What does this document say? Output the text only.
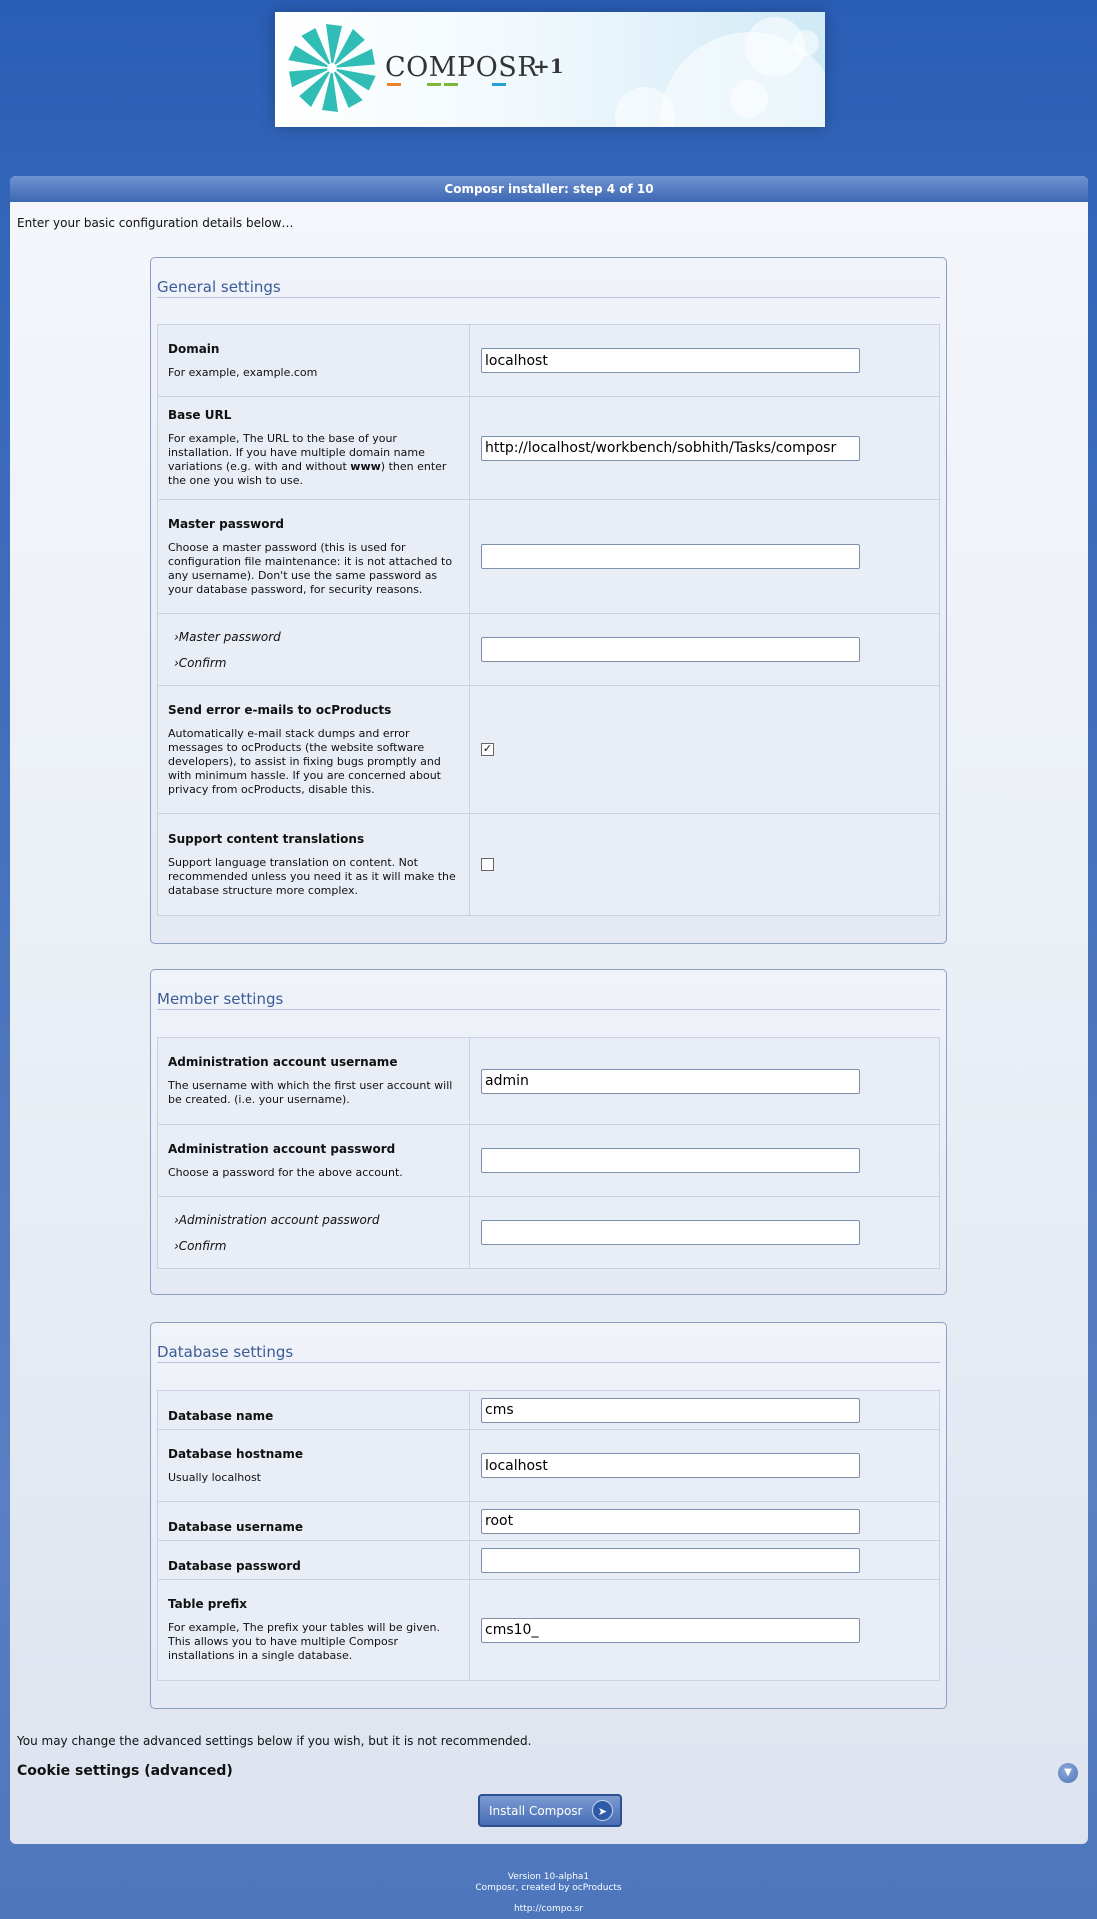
COMPOSR
+1
Composr installer: step 4 of 10
Enter your basic configuration details below…
General settings
Domain
For example, example.com
	localhost

Base URL
For example, The URL to the base of your installation. If you have multiple domain name variations (e.g. with and without www) then enter the one you wish to use.
	http://localhost/workbench/sobhith/Tasks/composr

Master password
Choose a master password (this is used for configuration file maintenance: it is not attached to any username). Don't use the same password as your database password, for security reasons.

›Master password
›Confirm

Send error e-mails to ocProducts
Automatically e-mail stack dumps and error messages to ocProducts (the website software developers), to assist in fixing bugs promptly and with minimum hassle. If you are concerned about privacy from ocProducts, disable this.	✓

Support content translations
Support language translation on content. Not recommended unless you need it as it will make the database structure more complex.	

Member settings
Administration account username
The username with which the first user account will be created. (i.e. your username).
	admin

Administration account password
Choose a password for the above account.

›Administration account password
›Confirm

Database settings
Database name
	cms

Database hostname
Usually localhost
	localhost

Database username
	root

Database password

Table prefix
For example, The prefix your tables will be given. This allows you to have multiple Composr installations in a single database.
	cms10_
You may change the advanced settings below if you wish, but it is not recommended.
Cookie settings (advanced)	▼
Install Composr	➤
Version 10-alpha1
Composr, created by ocProducts
http://compo.sr
